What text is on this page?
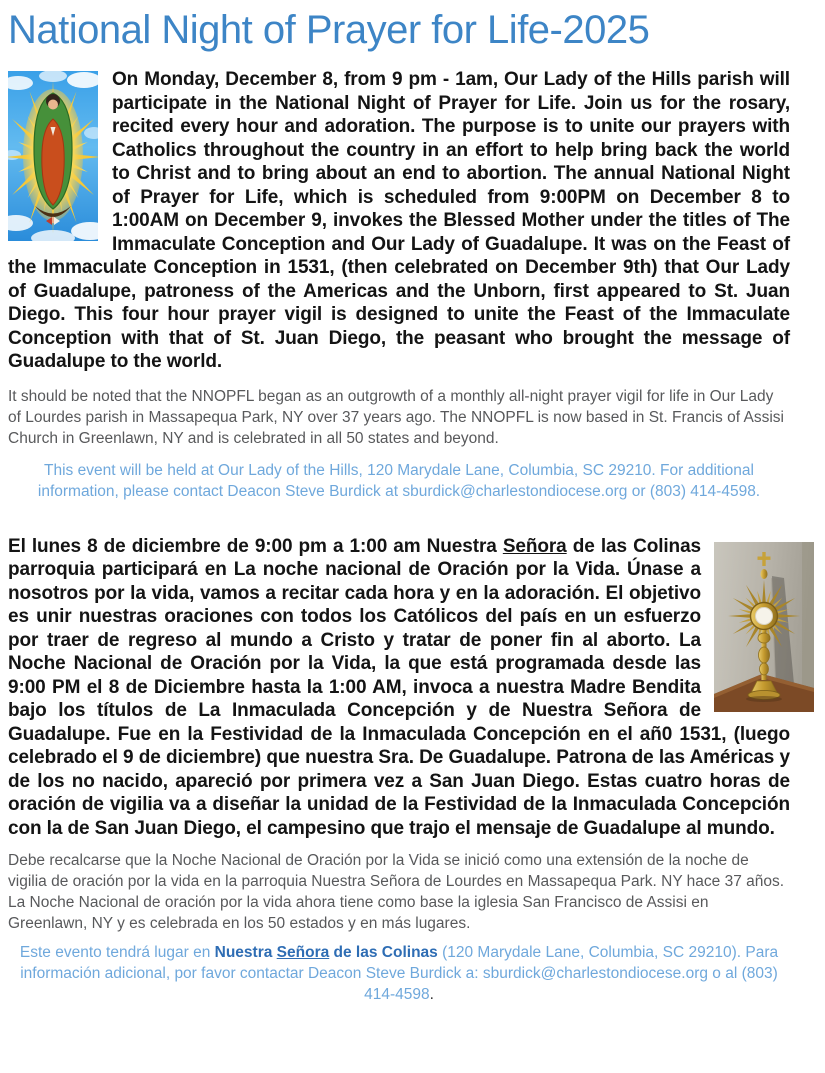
National Night of Prayer for Life-2025

On Monday, December 8, from 9 pm - 1am, Our Lady of the Hills parish will participate in the National Night of Prayer for Life. Join us for the rosary, recited every hour and adoration. The purpose is to unite our prayers with Catholics throughout the country in an effort to help bring back the world to Christ and to bring about an end to abortion. The annual National Night of Prayer for Life, which is scheduled from 9:00PM on December 8 to 1:00AM on December 9, invokes the Blessed Mother under the titles of The Immaculate Conception and Our Lady of Guadalupe. It was on the Feast of the Immaculate Conception in 1531, (then celebrated on December 9th) that Our Lady of Guadalupe, patroness of the Americas and the Unborn, first appeared to St. Juan Diego. This four hour prayer vigil is designed to unite the Feast of the Immaculate Conception with that of St. Juan Diego, the peasant who brought the message of Guadalupe to the world.

It should be noted that the NNOPFL began as an outgrowth of a monthly all-night prayer vigil for life in Our Lady of Lourdes parish in Massapequa Park, NY over 37 years ago. The NNOPFL is now based in St. Francis of Assisi Church in Greenlawn, NY and is celebrated in all 50 states and beyond.

This event will be held at Our Lady of the Hills, 120 Marydale Lane, Columbia, SC 29210. For additional information, please contact Deacon Steve Burdick at sburdick@charlestondiocese.org or (803) 414-4598.

El lunes 8 de diciembre de 9:00 pm a 1:00 am Nuestra Señora de las Colinas parroquia participará en La noche nacional de Oración por la Vida. Únase a nosotros por la vida, vamos a recitar cada hora y en la adoración. El objetivo es unir nuestras oraciones con todos los Católicos del país en un esfuerzo por traer de regreso al mundo a Cristo y tratar de poner fin al aborto. La Noche Nacional de Oración por la Vida, la que está programada desde las 9:00 PM el 8 de Diciembre hasta la 1:00 AM, invoca a nuestra Madre Bendita bajo los títulos de La Inmaculada Concepción y de Nuestra Señora de Guadalupe. Fue en la Festividad de la Inmaculada Concepción en el añ0 1531, (luego celebrado el 9 de diciembre) que nuestra Sra. De Guadalupe. Patrona de las Américas y de los no nacido, apareció por primera vez a San Juan Diego. Estas cuatro horas de oración de vigilia va a diseñar la unidad de la Festividad de la Inmaculada Concepción con la de San Juan Diego, el campesino que trajo el mensaje de Guadalupe al mundo.

Debe recalcarse que la Noche Nacional de Oración por la Vida se inició como una extensión de la noche de vigilia de oración por la vida en la parroquia Nuestra Señora de Lourdes en Massapequa Park. NY hace 37 años. La Noche Nacional de oración por la vida ahora tiene como base la iglesia San Francisco de Assisi en Greenlawn, NY y es celebrada en los 50 estados y en más lugares.

Este evento tendrá lugar en Nuestra Señora de las Colinas (120 Marydale Lane, Columbia, SC 29210). Para información adicional, por favor contactar Deacon Steve Burdick a: sburdick@charlestondiocese.org o al (803) 414-4598.
